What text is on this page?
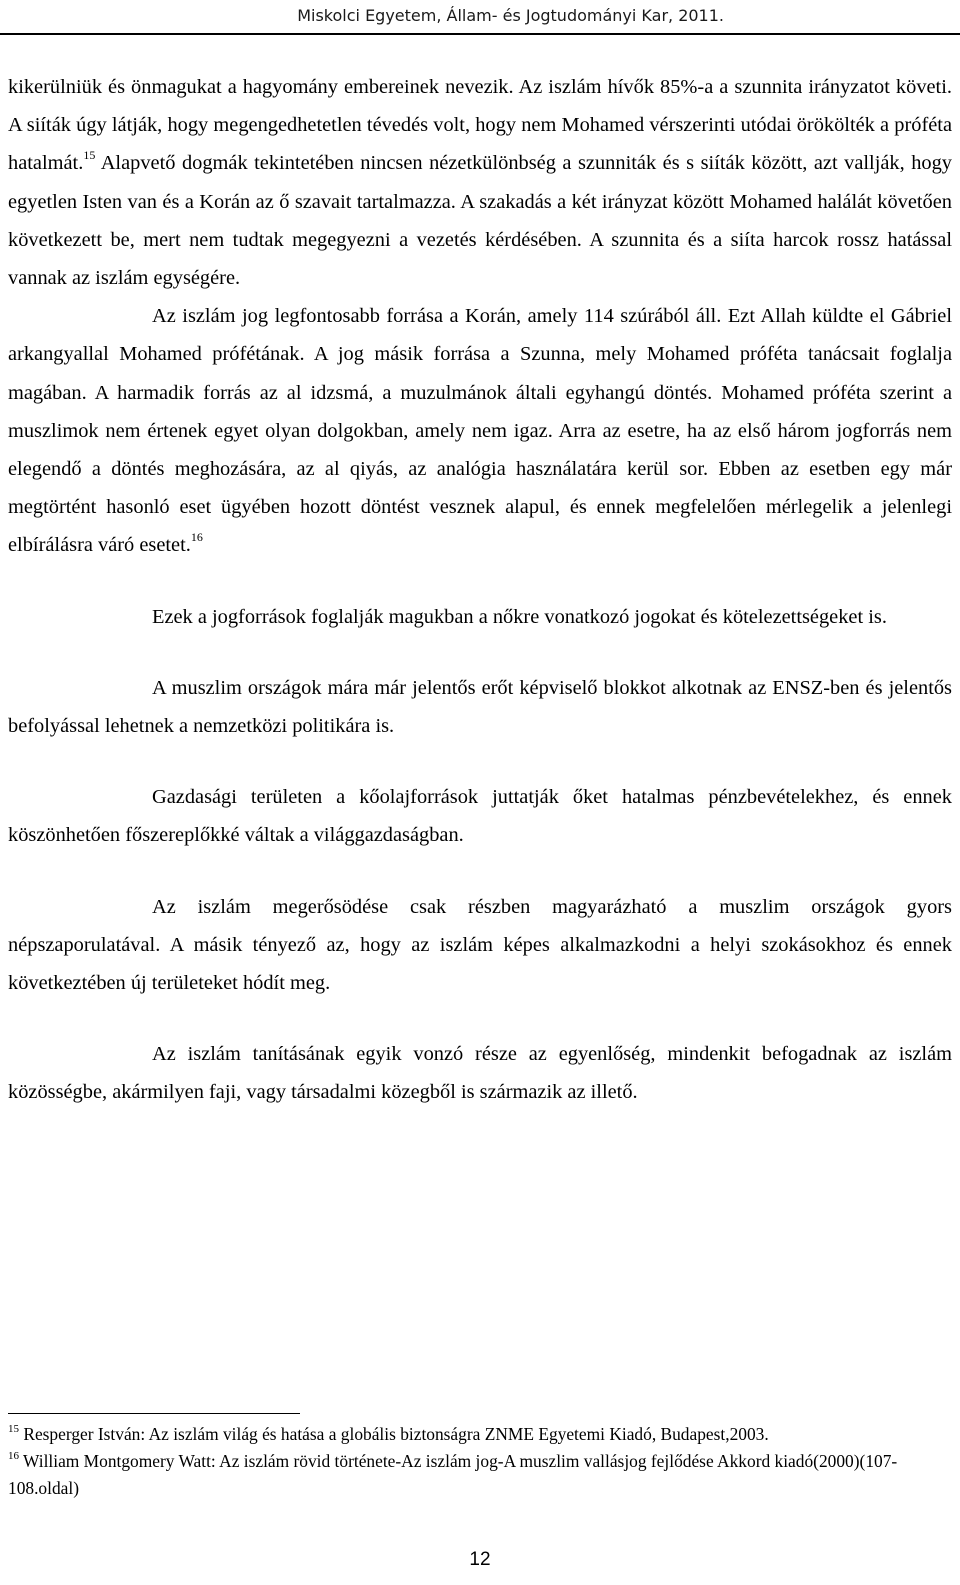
Miskolci Egyetem, Állam- és Jogtudományi Kar, 2011.

kikerülniük és önmagukat a hagyomány embereinek nevezik. Az iszlám hívők 85%-a a szunnita irányzatot követi. A siíták úgy látják, hogy megengedhetetlen tévedés volt, hogy nem Mohamed vérszerinti utódai örökölték a próféta hatalmát.$^{15}$ Alapvető dogmák tekintetében nincsen nézetkülönbség a szunniták és s siíták között, azt vallják, hogy egyetlen Isten van és a Korán az ő szavait tartalmazza. A szakadás a két irányzat között Mohamed halálát követően következett be, mert nem tudtak megegyezni a vezetés kérdésében. A szunnita és a siíta harcok rossz hatással vannak az iszlám egységére.

Az iszlám jog legfontosabb forrása a Korán, amely 114 szúrából áll. Ezt Allah küldte el Gábriel arkangyallal Mohamed prófétának. A jog másik forrása a Szunna, mely Mohamed próféta tanácsait foglalja magában. A harmadik forrás az al idzsmá, a muzulmánok általi egyhangú döntés. Mohamed próféta szerint a muszlimok nem értenek egyet olyan dolgokban, amely nem igaz. Arra az esetre, ha az első három jogforrás nem elegendő a döntés meghozására, az al qiyás, az analógia használatára kerül sor. Ebben az esetben egy már megtörtént hasonló eset ügyében hozott döntést vesznek alapul, és ennek megfelelően mérlegelik a jelenlegi elbírálásra váró esetet.$^{16}$

Ezek a jogforrások foglalják magukban a nőkre vonatkozó jogokat és kötelezettségeket is.

A muszlim országok mára már jelentős erőt képviselő blokkot alkotnak az ENSZ-ben és jelentős befolyással lehetnek a nemzetközi politikára is.

Gazdasági területen a kőolajforrások juttatják őket hatalmas pénzbevételekhez, és ennek köszönhetően főszereplőkké váltak a világgazdaságban.

Az iszlám megerősödése csak részben magyarázható a muszlim országok gyors népszaporulatával. A másik tényező az, hogy az iszlám képes alkalmazkodni a helyi szokásokhoz és ennek következtében új területeket hódít meg.

Az iszlám tanításának egyik vonzó része az egyenlőség, mindenkit befogadnak az iszlám közösségbe, akármilyen faji, vagy társadalmi közegből is származik az illető.

$^{15}$ Resperger István: Az iszlám világ és hatása a globális biztonságra ZNME Egyetemi Kiadó, Budapest,2003.

$^{16}$ William Montgomery Watt: Az iszlám rövid története-Az iszlám jog-A muszlim vallásjog fejlődése Akkord kiadó(2000)(107-108.oldal)

12
